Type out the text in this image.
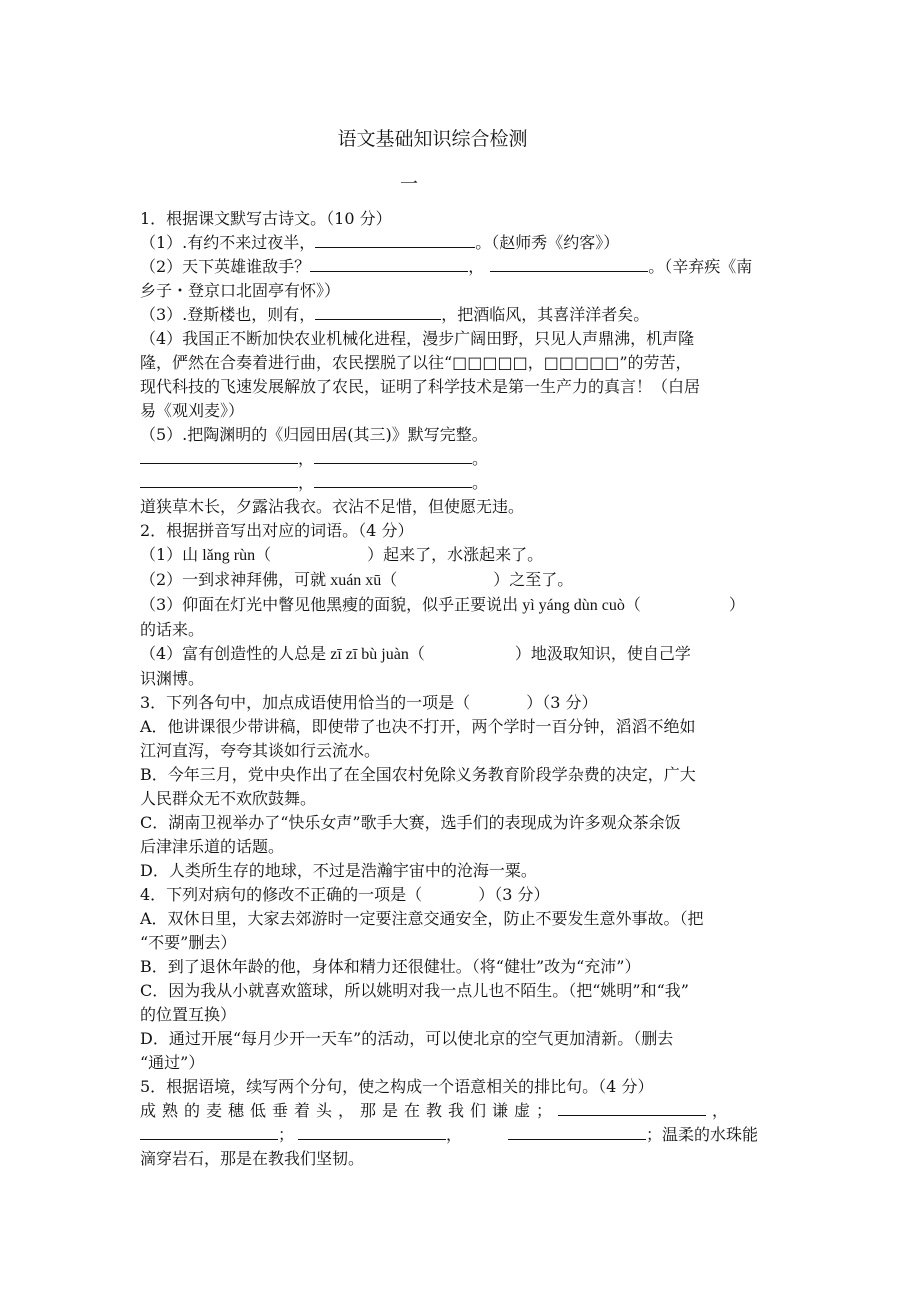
语文基础知识综合检测
一

1．根据课文默写古诗文。（10 分）

（1）.有约不来过夜半，	。（赵师秀《约客》）

（2）天下英雄谁敌手？	，	。（辛弃疾《南

乡子・登京口北固亭有怀》）

（3）.登斯楼也，则有，	，把酒临风，其喜洋洋者矣。

（4）我国正不断加快农业机械化进程，漫步广阔田野，只见人声鼎沸，机声隆

隆，俨然在合奏着进行曲，农民摆脱了以往“□□□□□，□□□□□”的劳苦，

现代科技的飞速发展解放了农民，证明了科学技术是第一生产力的真言！（白居

易《观刈麦》）

（5）.把陶渊明的《归园田居(其三)》默写完整。

，	。

，	。

道狭草木长，夕露沾我衣。衣沾不足惜，但使愿无违。

2．根据拼音写出对应的词语。（4 分）

（1）山 lǎng rùn（	）起来了，水涨起来了。

（2）一到求神拜佛，可就 xuán xū（	）之至了。

（3）仰面在灯光中瞥见他黑瘦的面貌，似乎正要说出 yì yáng dùn cuò（	）

的话来。

（4）富有创造性的人总是 zī zī bù juàn（	）地汲取知识，使自己学

识渊博。

3．下列各句中，加点成语使用恰当的一项是（	）（3 分）

A．他讲课很少带讲稿，即使带了也决不打开，两个学时一百分钟，滔滔不绝如

江河直泻，夸夸其谈如行云流水。

B．今年三月，党中央作出了在全国农村免除义务教育阶段学杂费的决定，广大

人民群众无不欢欣鼓舞。

C．湖南卫视举办了“快乐女声”歌手大赛，选手们的表现成为许多观众茶余饭

后津津乐道的话题。

D．人类所生存的地球，不过是浩瀚宇宙中的沧海一粟。

4．下列对病句的修改不正确的一项是（	）（3 分）

A．双休日里，大家去郊游时一定要注意交通安全，防止不要发生意外事故。（把

“不要”删去）

B．到了退休年龄的他，身体和精力还很健壮。（将“健壮”改为“充沛”）

C．因为我从小就喜欢篮球，所以姚明对我一点儿也不陌生。（把“姚明”和“我”

的位置互换）

D．通过开展“每月少开一天车”的活动，可以使北京的空气更加清新。（删去

“通过”）

5．根据语境，续写两个分句，使之构成一个语意相关的排比句。（4 分）

成熟的麦穗低垂着头，那是在教我们谦虚；	，

；	，	；温柔的水珠能

滴穿岩石，那是在教我们坚韧。
